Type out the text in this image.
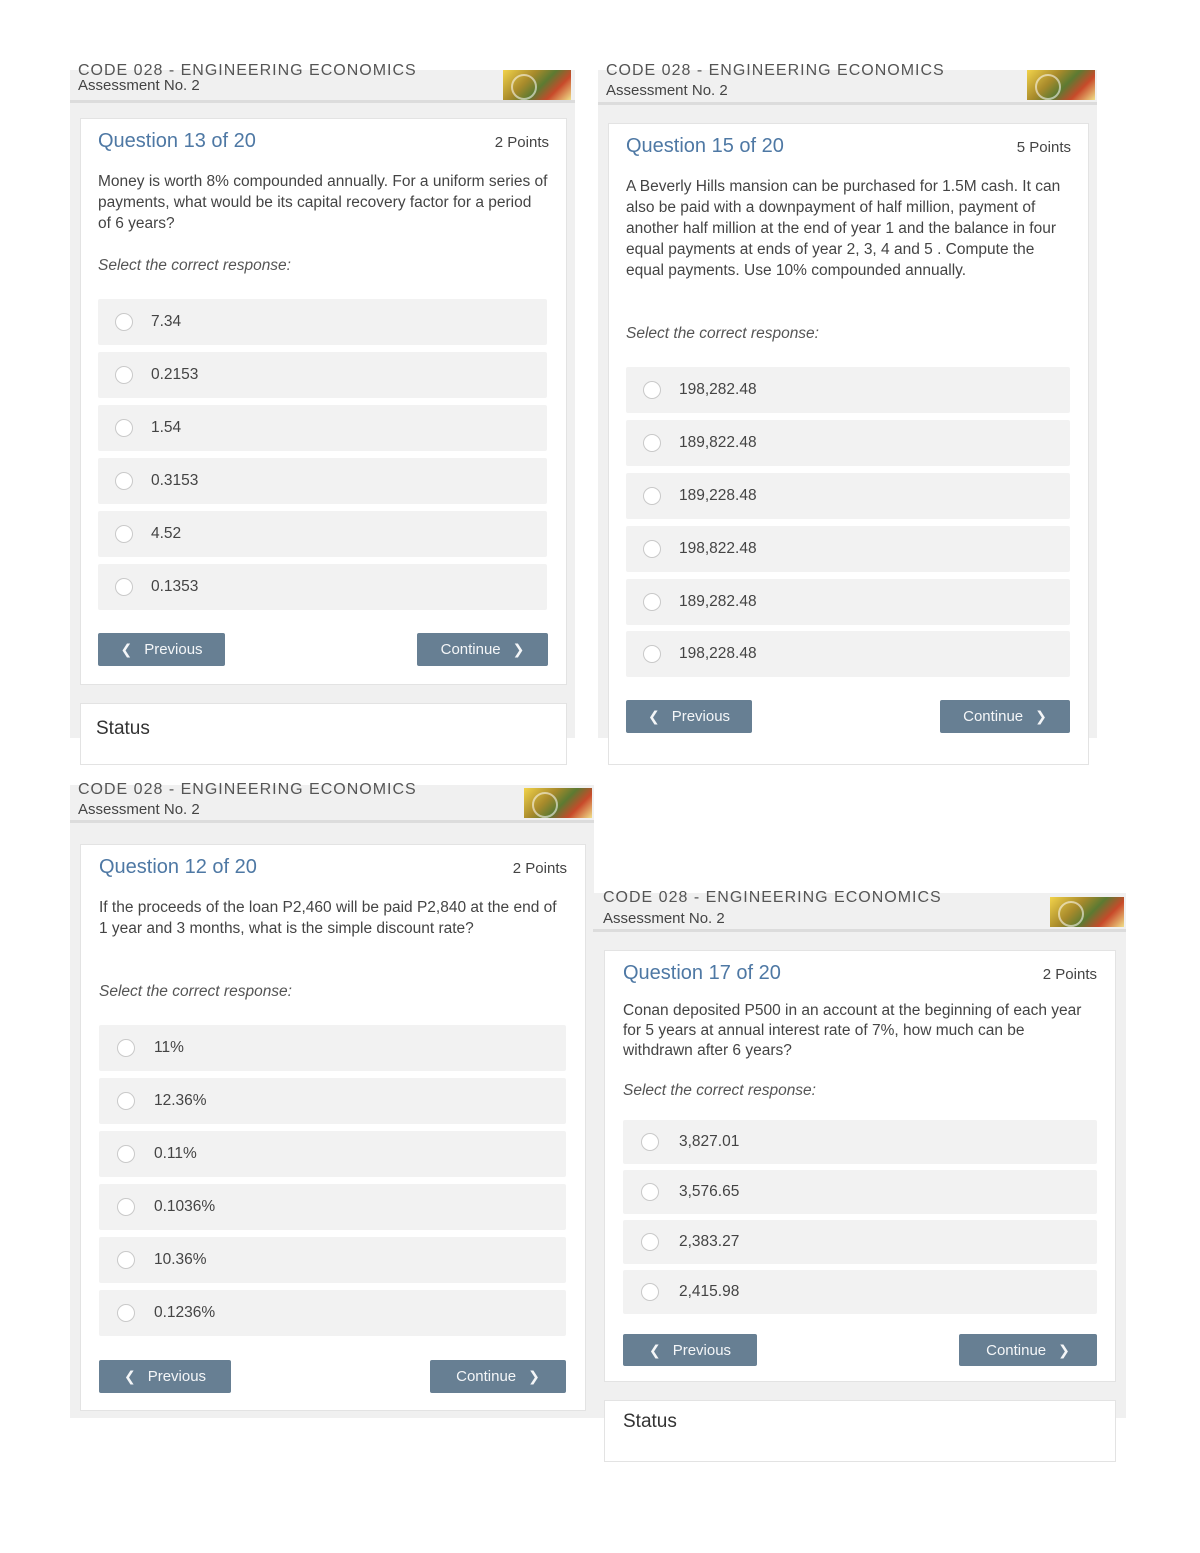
CODE 028 - ENGINEERING ECONOMICS
Assessment No. 2
Question 13 of 20	2 Points
Money is worth 8% compounded annually. For a uniform series of payments, what would be its capital recovery factor for a period of 6 years?
Select the correct response:
7.34
0.2153
1.54
0.3153
4.52
0.1353
❮ Previous	Continue ❯
Status
CODE 028 - ENGINEERING ECONOMICS
Assessment No. 2
Question 15 of 20	5 Points
A Beverly Hills mansion can be purchased for 1.5M cash. It can also be paid with a downpayment of half million, payment of another half million at the end of year 1 and the balance in four equal payments at ends of year 2, 3, 4 and 5 . Compute the equal payments. Use 10% compounded annually.
Select the correct response:
198,282.48
189,822.48
189,228.48
198,822.48
189,282.48
198,228.48
❮ Previous	Continue ❯
CODE 028 - ENGINEERING ECONOMICS
Assessment No. 2
Question 12 of 20	2 Points
If the proceeds of the loan P2,460 will be paid P2,840 at the end of 1 year and 3 months, what is the simple discount rate?
Select the correct response:
11%
12.36%
0.11%
0.1036%
10.36%
0.1236%
❮ Previous	Continue ❯
CODE 028 - ENGINEERING ECONOMICS
Assessment No. 2
Question 17 of 20	2 Points
Conan deposited P500 in an account at the beginning of each year for 5 years at annual interest rate of 7%, how much can be withdrawn after 6 years?
Select the correct response:
3,827.01
3,576.65
2,383.27
2,415.98
❮ Previous	Continue ❯
Status
